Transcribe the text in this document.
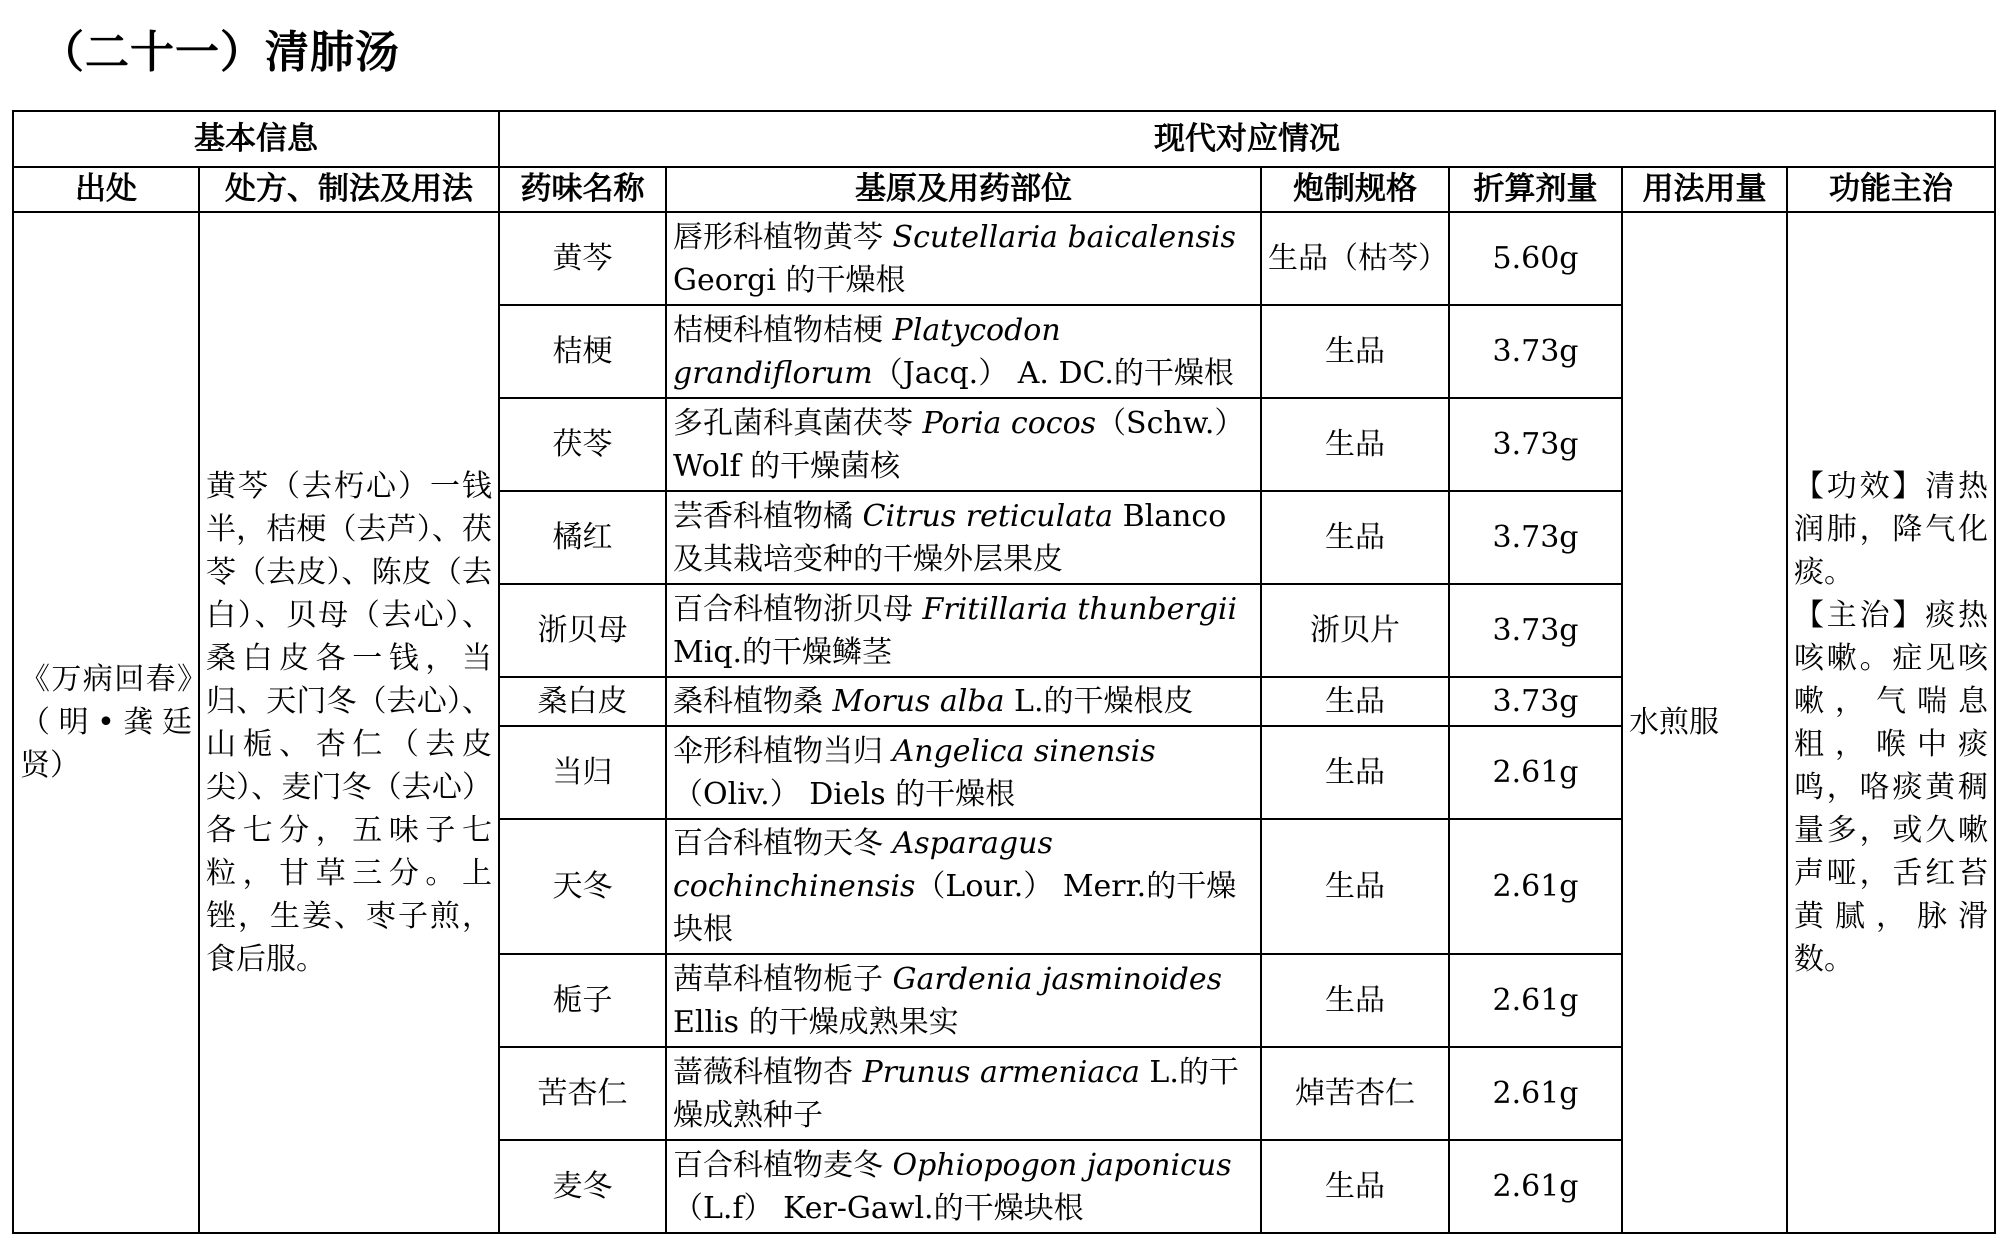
（二十一）清肺汤
基本信息		现代对应情况					
出处	处方、制法及用法	药味名称	基原及用药部位	炮制规格	折算剂量	用法用量	功能主治
《万病回春》（明•龚廷贤）	黄芩（去朽心）一钱半，桔梗（去芦）、茯苓（去皮）、陈皮（去白）、贝母（去心）、桑白皮各一钱，当归、天门冬（去心）、山栀、杏仁（去皮尖）、麦门冬（去心）各七分，五味子七粒，甘草三分。上锉，生姜、枣子煎，食后服。	黄芩	唇形科植物黄芩 Scutellaria baicalensis Georgi 的干燥根	生品（枯芩）	5.60g	水煎服	【功效】清热润肺，降气化痰。
【主治】痰热咳嗽。症见咳嗽，气喘息粗，喉中痰鸣，咯痰黄稠量多，或久嗽声哑，舌红苔黄腻，脉滑数。

		桔梗	桔梗科植物桔梗 Platycodon grandiflorum（Jacq.） A. DC.的干燥根	生品	3.73g		
		茯苓	多孔菌科真菌茯苓 Poria cocos（Schw.） Wolf 的干燥菌核	生品	3.73g		
		橘红	芸香科植物橘 Citrus reticulata Blanco 及其栽培变种的干燥外层果皮	生品	3.73g		
		浙贝母	百合科植物浙贝母 Fritillaria thunbergii Miq.的干燥鳞茎	浙贝片	3.73g		
		桑白皮	桑科植物桑 Morus alba L.的干燥根皮	生品	3.73g		
		当归	伞形科植物当归 Angelica sinensis（Oliv.） Diels 的干燥根	生品	2.61g		
		天冬	百合科植物天冬 Asparagus cochinchinensis（Lour.） Merr.的干燥块根	生品	2.61g		
		栀子	茜草科植物栀子 Gardenia jasminoides Ellis 的干燥成熟果实	生品	2.61g		
		苦杏仁	蔷薇科植物杏 Prunus armeniaca L.的干燥成熟种子	焯苦杏仁	2.61g		
		麦冬	百合科植物麦冬 Ophiopogon japonicus（L.f） Ker-Gawl.的干燥块根	生品	2.61g		
